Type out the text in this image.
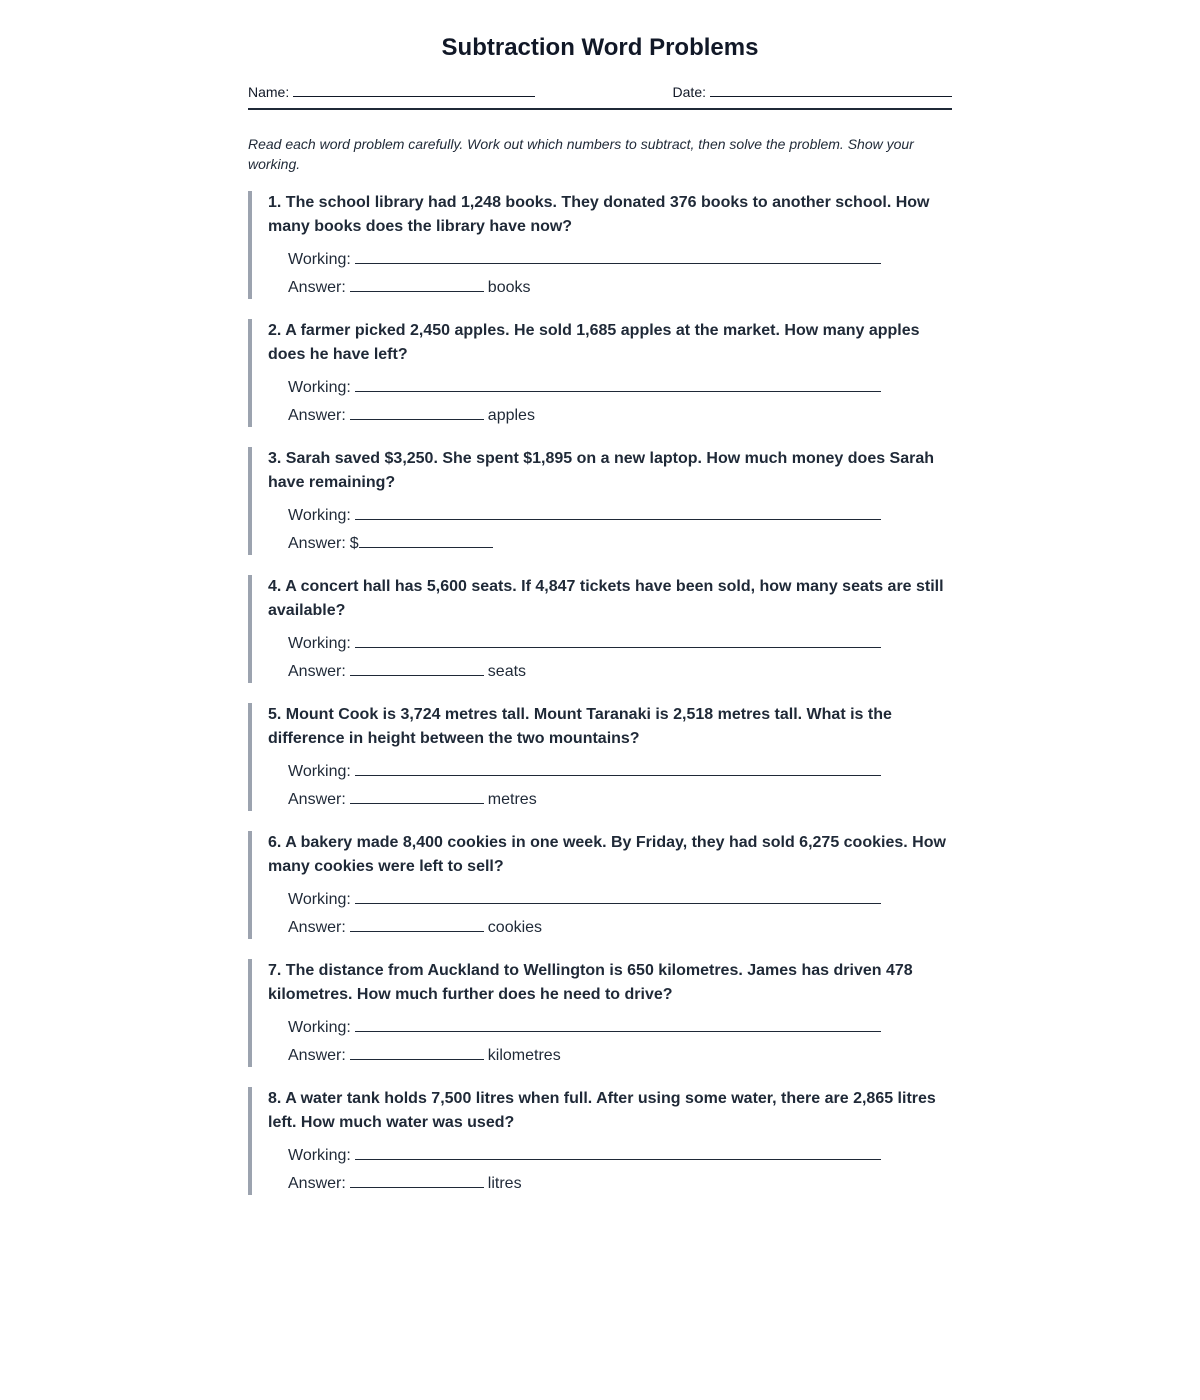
Subtraction Word Problems
Name:	Date:

Read each word problem carefully. Work out which numbers to subtract, then solve the problem. Show your working.

1. The school library had 1,248 books. They donated 376 books to another school. How many books does the library have now?

Working:
Answer:	books

2. A farmer picked 2,450 apples. He sold 1,685 apples at the market. How many apples does he have left?

Working:
Answer:	apples

3. Sarah saved $3,250. She spent $1,895 on a new laptop. How much money does Sarah have remaining?

Working:
Answer: $

4. A concert hall has 5,600 seats. If 4,847 tickets have been sold, how many seats are still available?

Working:
Answer:	seats

5. Mount Cook is 3,724 metres tall. Mount Taranaki is 2,518 metres tall. What is the difference in height between the two mountains?

Working:
Answer:	metres

6. A bakery made 8,400 cookies in one week. By Friday, they had sold 6,275 cookies. How many cookies were left to sell?

Working:
Answer:	cookies

7. The distance from Auckland to Wellington is 650 kilometres. James has driven 478 kilometres. How much further does he need to drive?

Working:
Answer:	kilometres

8. A water tank holds 7,500 litres when full. After using some water, there are 2,865 litres left. How much water was used?

Working:
Answer:	litres
